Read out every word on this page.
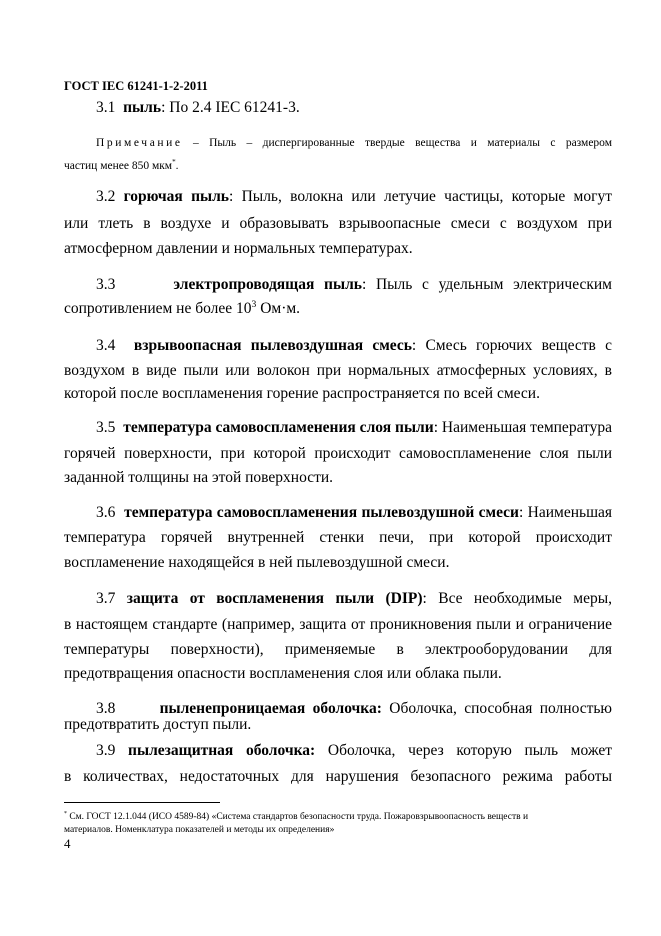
ГОСТ IEC 61241-1-2-2011
3.1 пыль: По 2.4 IEC 61241-3.
Примечание – Пыль – диспергированные твердые вещества и материалы с размером
частиц менее 850 мкм*.
3.2 горючая пыль: Пыль, волокна или летучие частицы, которые могут
или тлеть в воздухе и образовывать взрывоопасные смеси с воздухом при
атмосферном давлении и нормальных температурах.
3.3	электропроводящая пыль: Пыль с удельным электрическим
сопротивлением не более $10^3$ Ом·м.
3.4 взрывоопасная пылевоздушная смесь: Смесь горючих веществ с
воздухом в виде пыли или волокон при нормальных атмосферных условиях, в
которой после воспламенения горение распространяется по всей смеси.
3.5 температура самовоспламенения слоя пыли: Наименьшая температура
горячей поверхности, при которой происходит самовоспламенение слоя пыли
заданной толщины на этой поверхности.
3.6 температура самовоспламенения пылевоздушной смеси: Наименьшая
температура горячей внутренней стенки печи, при которой происходит
воспламенение находящейся в ней пылевоздушной смеси.
3.7 защита от воспламенения пыли (DIP): Все необходимые меры,
в настоящем стандарте (например, защита от проникновения пыли и ограничение
температуры поверхности), применяемые в электрооборудовании для
предотвращения опасности воспламенения слоя или облака пыли.
3.8	пыленепроницаемая оболочка: Оболочка, способная полностью
предотвратить доступ пыли.
3.9 пылезащитная оболочка: Оболочка, через которую пыль может
в количествах, недостаточных для нарушения безопасного режима работы
* См. ГОСТ 12.1.044 (ИСО 4589-84) «Система стандартов безопасности труда. Пожаровзрывоопасность веществ и
материалов. Номенклатура показателей и методы их определения»
4
